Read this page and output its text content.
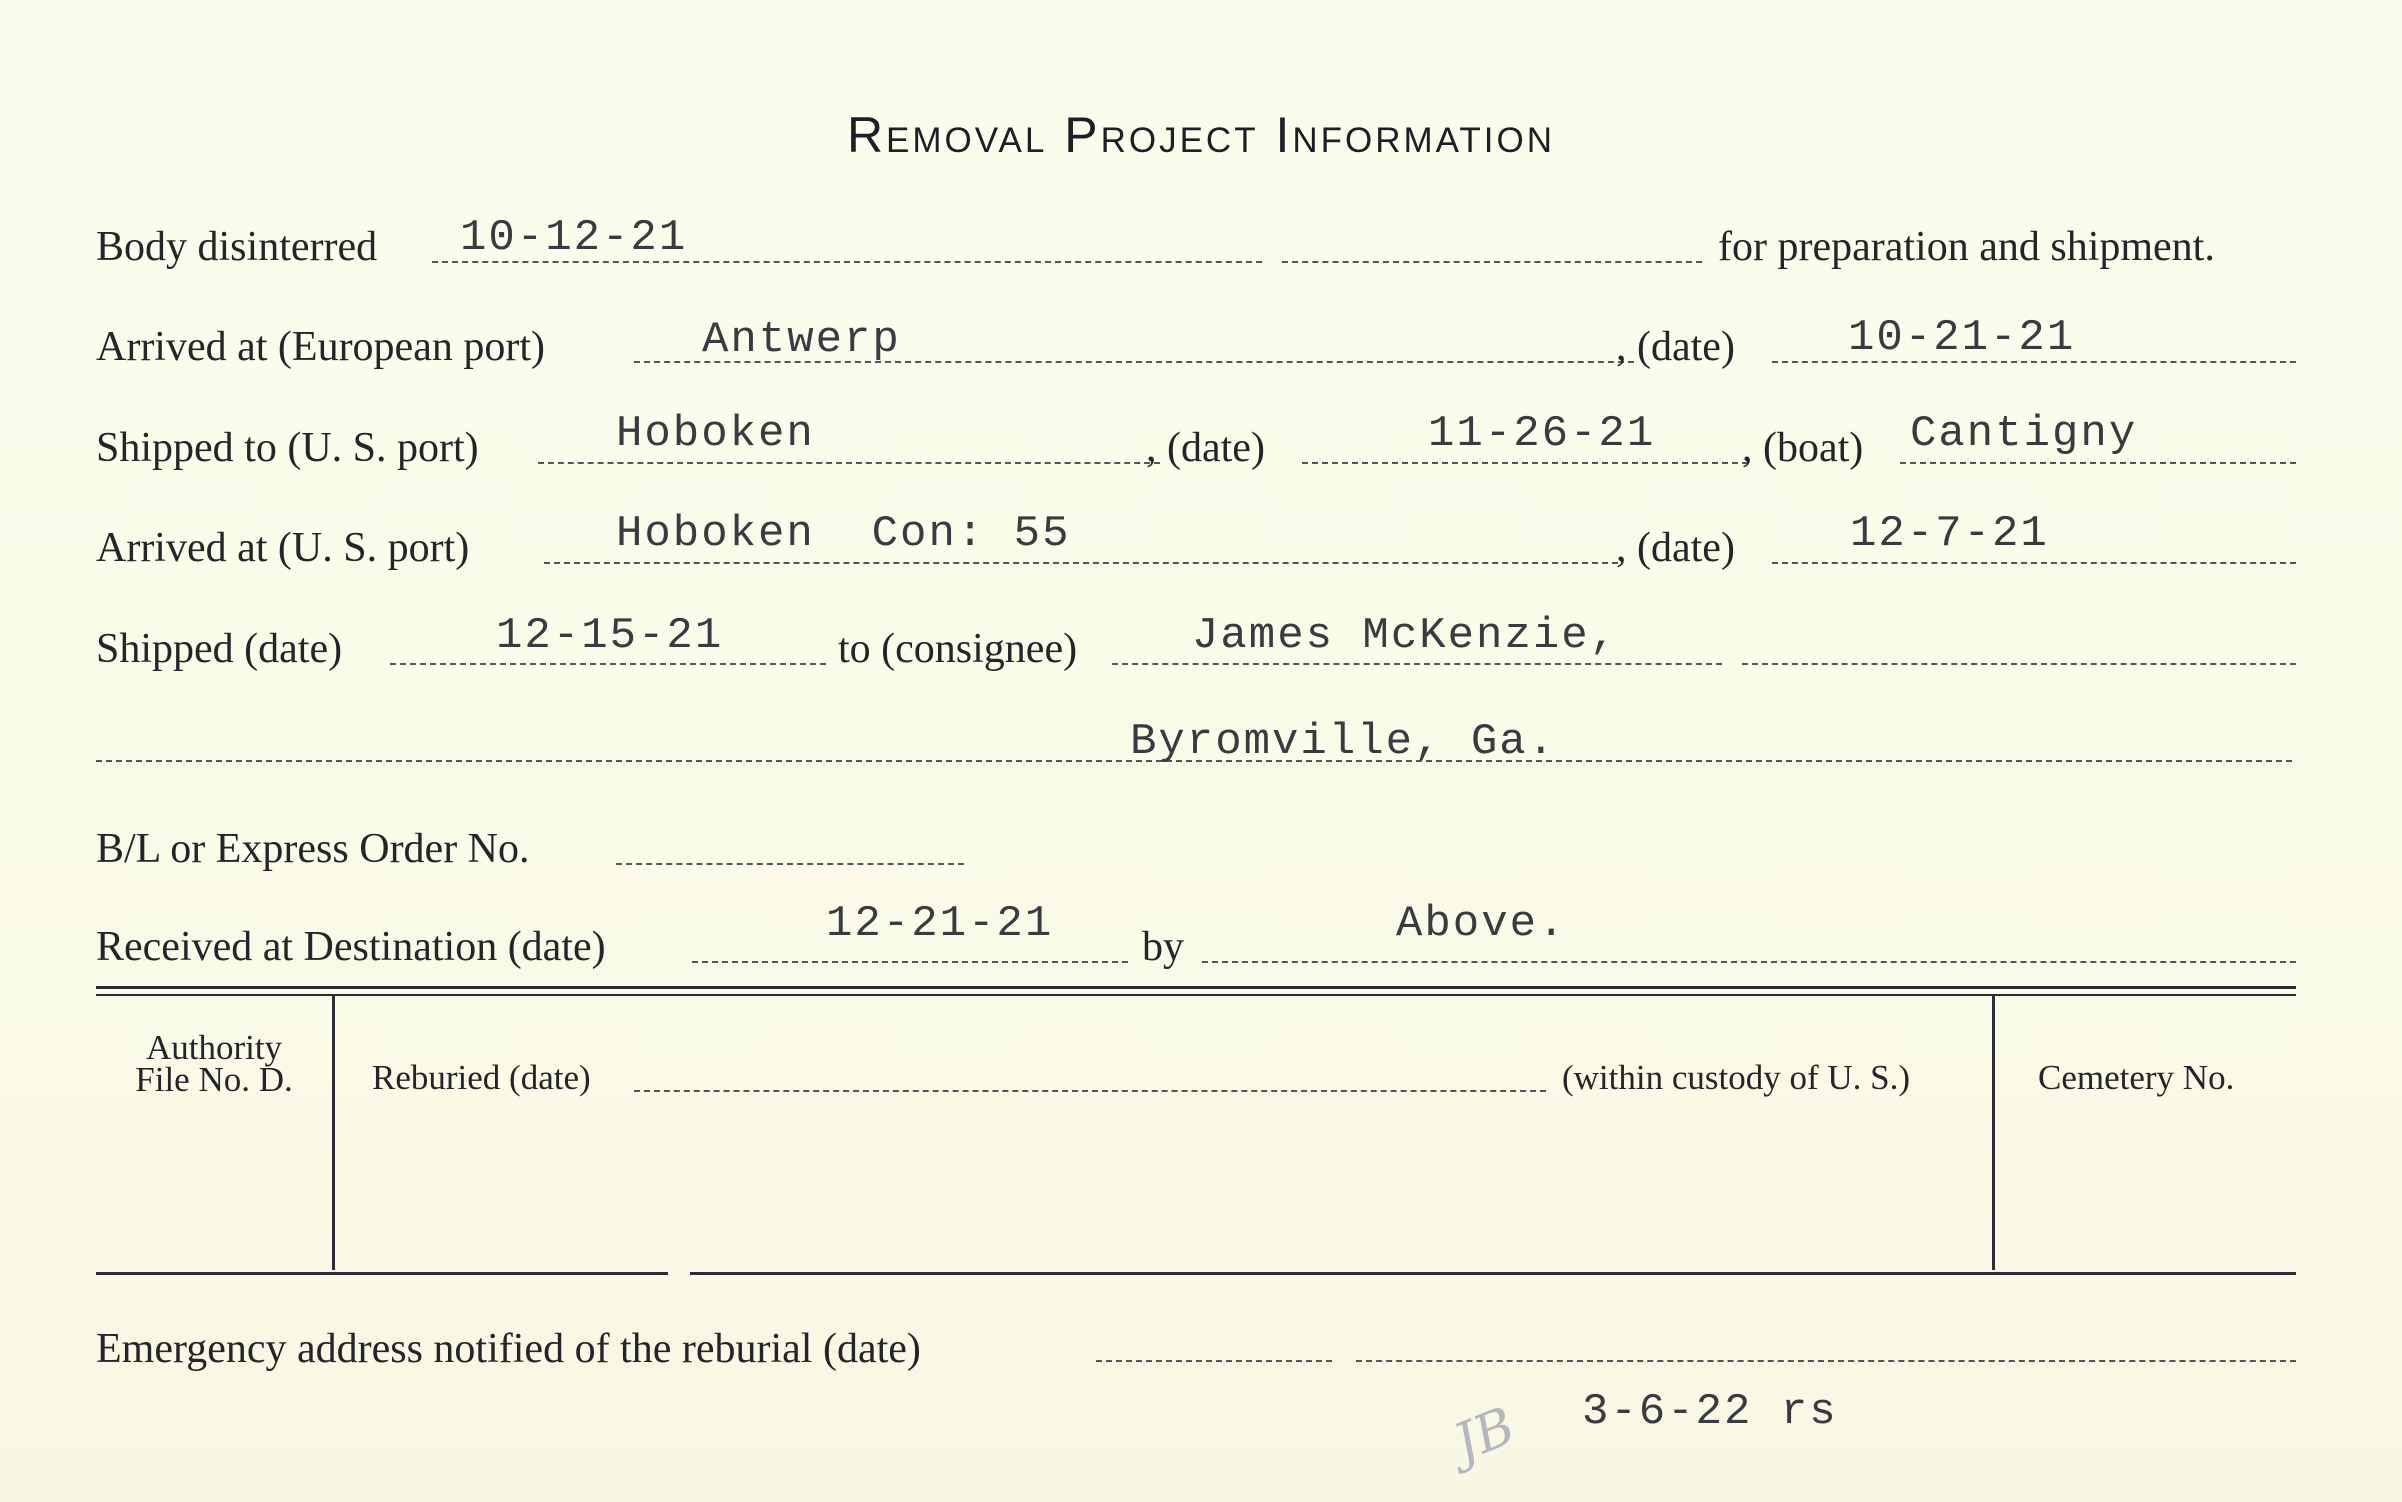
Removal Project Information
Body disinterred 10-12-21	for preparation and shipment.
Arrived at (European port)	Antwerp	, (date)	10-21-21
Shipped to (U. S. port)	Hoboken	, (date)	11-26-21 , (boat) Cantigny
Arrived at (U. S. port)	Hoboken  Con: 55	, (date)	12-7-21
Shipped (date)	12-15-21	to (consignee)	James McKenzie,
Byromville, Ga.
B/L or Express Order No.
Received at Destination (date)	12-21-21 by	Above.
Authority
File No. D.	Reburied (date)	(within custody of U. S.)	Cemetery No.
Emergency address notified of the reburial (date)
3-6-22 rs
JB
